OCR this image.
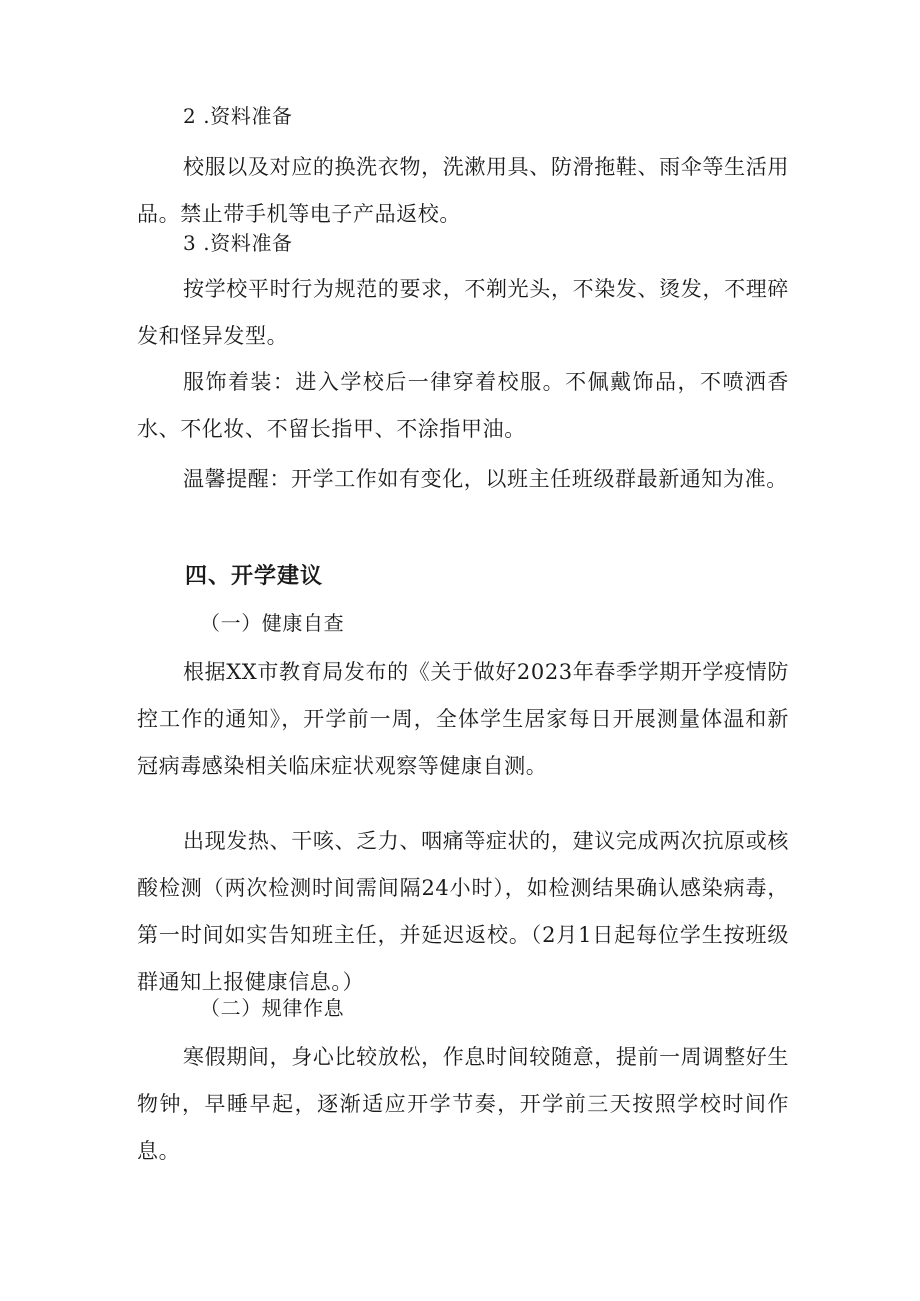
2 .资料准备

校服以及对应的换洗衣物，洗漱用具、防滑拖鞋、雨伞等生活用品。禁止带手机等电子产品返校。

3 .资料准备

按学校平时行为规范的要求，不剃光头，不染发、烫发，不理碎发和怪异发型。

服饰着装：进入学校后一律穿着校服。不佩戴饰品，不喷洒香水、不化妆、不留长指甲、不涂指甲油。

温馨提醒：开学工作如有变化，以班主任班级群最新通知为准。

四、开学建议

（一）健康自查

根据XX市教育局发布的《关于做好2023年春季学期开学疫情防控工作的通知》，开学前一周，全体学生居家每日开展测量体温和新冠病毒感染相关临床症状观察等健康自测。

出现发热、干咳、乏力、咽痛等症状的，建议完成两次抗原或核酸检测（两次检测时间需间隔24小时），如检测结果确认感染病毒，第一时间如实告知班主任，并延迟返校。（2月1日起每位学生按班级群通知上报健康信息。）

（二）规律作息

寒假期间，身心比较放松，作息时间较随意，提前一周调整好生物钟，早睡早起，逐渐适应开学节奏，开学前三天按照学校时间作息。
